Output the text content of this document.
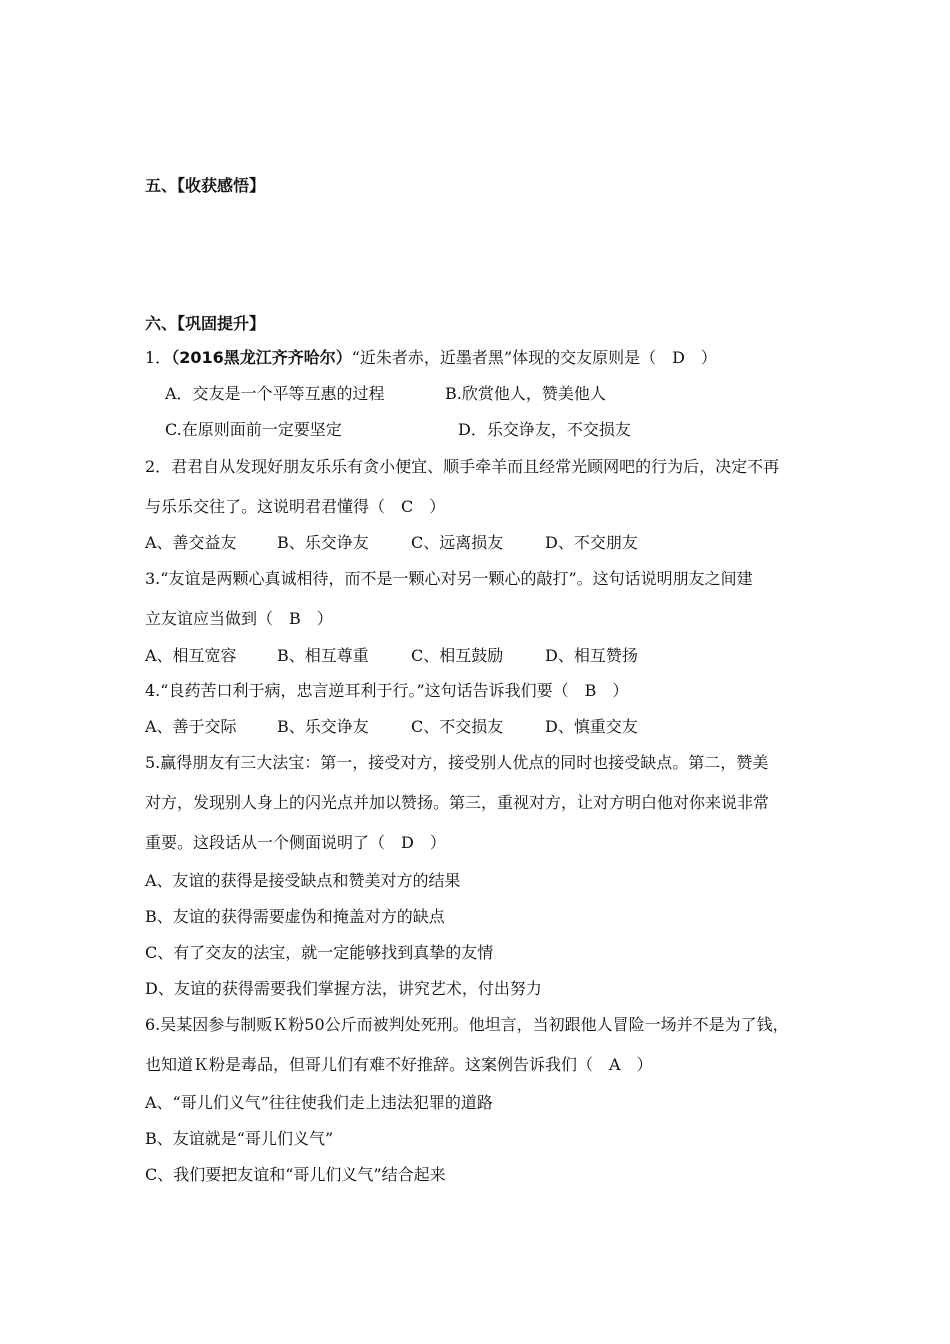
五、【收获感悟】
六、【巩固提升】
1．（2016黑龙江齐齐哈尔）“近朱者赤，近墨者黑”体现的交友原则是（　D　）
A．交友是一个平等互惠的过程	B.欣赏他人，赞美他人
C.在原则面前一定要坚定	D．乐交诤友，不交损友
2．君君自从发现好朋友乐乐有贪小便宜、顺手牵羊而且经常光顾网吧的行为后，决定不再
与乐乐交往了。这说明君君懂得（　C　）
A、善交益友	B、乐交诤友	C、远离损友	D、不交朋友
3.“友谊是两颗心真诚相待，而不是一颗心对另一颗心的敲打”。这句话说明朋友之间建
立友谊应当做到（　B　）
A、相互宽容	B、相互尊重	C、相互鼓励	D、相互赞扬
4.“良药苦口利于病，忠言逆耳利于行。”这句话告诉我们要（　B　）
A、善于交际	B、乐交诤友	C、不交损友	D、慎重交友
5.赢得朋友有三大法宝：第一，接受对方，接受别人优点的同时也接受缺点。第二，赞美
对方，发现别人身上的闪光点并加以赞扬。第三，重视对方，让对方明白他对你来说非常
重要。这段话从一个侧面说明了（　D　）
A、友谊的获得是接受缺点和赞美对方的结果
B、友谊的获得需要虚伪和掩盖对方的缺点
C、有了交友的法宝，就一定能够找到真挚的友情
D、友谊的获得需要我们掌握方法，讲究艺术，付出努力
6.吴某因参与制贩Ｋ粉50公斤而被判处死刑。他坦言，当初跟他人冒险一场并不是为了钱，
也知道Ｋ粉是毒品，但哥儿们有难不好推辞。这案例告诉我们（　A　）
A、“哥儿们义气”往往使我们走上违法犯罪的道路
B、友谊就是“哥儿们义气”
C、我们要把友谊和“哥儿们义气”结合起来
